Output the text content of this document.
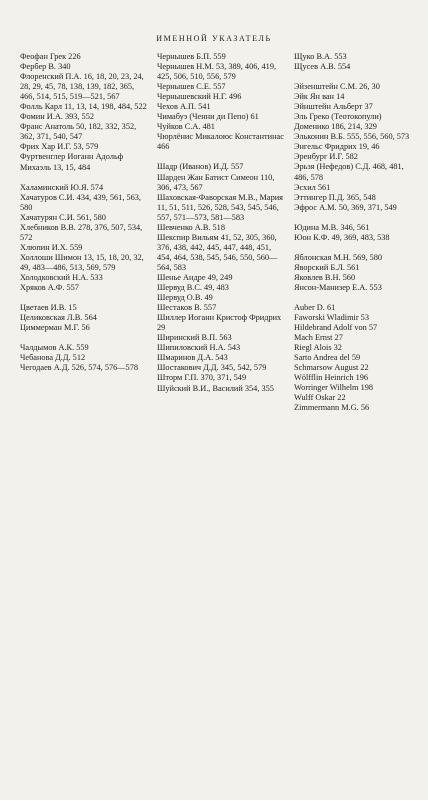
ИМЕННОЙ УКАЗАТЕЛЬ
Феофан Грек 226
Фербер В. 340
Флоренский П.А. 16, 18, 20, 23, 24, 28, 29, 45, 78, 138, 139, 182, 365, 466, 514, 515, 519—521, 567
Фолль Карл 11, 13, 14, 198, 484, 522
Фомин И.А. 393, 552
Франс Анатоль 50, 182, 332, 352, 362, 371, 540, 547
Фрих Хар И.Г. 53, 579
Фуртвенглер Иоганн Адольф Михаэль 13, 15, 484
Халаминский Ю.Я. 574
Хачатуров С.И. 434, 439, 561, 563, 580
Хачатурян С.И. 561, 580
Хлебников В.В. 278, 376, 507, 534, 572
Хлюпин И.Х. 559
Холлоши Шимон 13, 15, 18, 20, 32, 49, 483—486, 513, 569, 579
Холодковский Н.А. 533
Хряков А.Ф. 557
Цветаев И.В. 15
Целиковская Л.В. 564
Циммерман М.Г. 56
Чалдымов А.К. 559
Чебанова Д.Д. 512
Чегодаев А.Д. 526, 574, 576—578
Чернышев Б.П. 559
Чернышев Н.М. 53, 389, 406, 419, 425, 506, 510, 556, 579
Чернышев С.Е. 557
Чернышевский Н.Г. 496
Чехов А.П. 541
Чимабуэ (Ченни ди Пепо) 61
Чуйков С.А. 481
Чюрлёнис Микалоюс Константинас 466
Шадр (Иванов) И.Д. 557
Шарден Жан Батист Симеон 110, 306, 473, 567
Шаховская-Фаворская М.В., Мария 11, 51, 511, 526, 528, 543, 545, 546, 557, 571—573, 581—583
Шевченко А.В. 518
Шекспир Вильям 41, 52, 305, 360, 376, 438, 442, 445, 447, 448, 451, 454, 464, 538, 545, 546, 550, 560—564, 583
Шенье Андре 49, 249
Шервуд В.С. 49, 483
Шервуд О.В. 49
Шестаков В. 557
Шиллер Иоганн Кристоф Фридрих 29
Ширинский В.П. 563
Шипиловский Н.А. 543
Шмаринов Д.А. 543
Шостакович Д.Д. 345, 542, 579
Шторм Г.П. 370, 371, 549
Шуйский В.И., Василий 354, 355
Щуко В.А. 553
Щусев А.В. 554
Эйзенштейн С.М. 26, 30
Эйк Ян ван 14
Эйнштейн Альберт 37
Эль Греко (Теотокопули) Доменико 186, 214, 329
Эльконин В.Б. 555, 556, 560, 573
Энгельс Фридрих 19, 46
Эренбург И.Г. 582
Эрьзя (Нефедов) С.Д. 468, 481, 486, 578
Эсхил 561
Эттингер П.Д. 365, 548
Эфрос А.М. 50, 369, 371, 549
Юдина М.В. 346, 561
Юон К.Ф. 49, 369, 483, 538
Яблонская М.Н. 569, 580
Яворский Б.Л. 561
Яковлев В.Н. 560
Янсон-Манизер Е.А. 553
Auber D. 61
Faworski Wladimir 53
Hildebrand Adolf von 57
Mach Ernst 27
Riegl Alois 32
Sarto Andrea del 59
Schmarsow August 22
Wölfflin Heinrich 196
Worringer Wilhelm 198
Wulff Oskar 22
Zimmermann M.G. 56
